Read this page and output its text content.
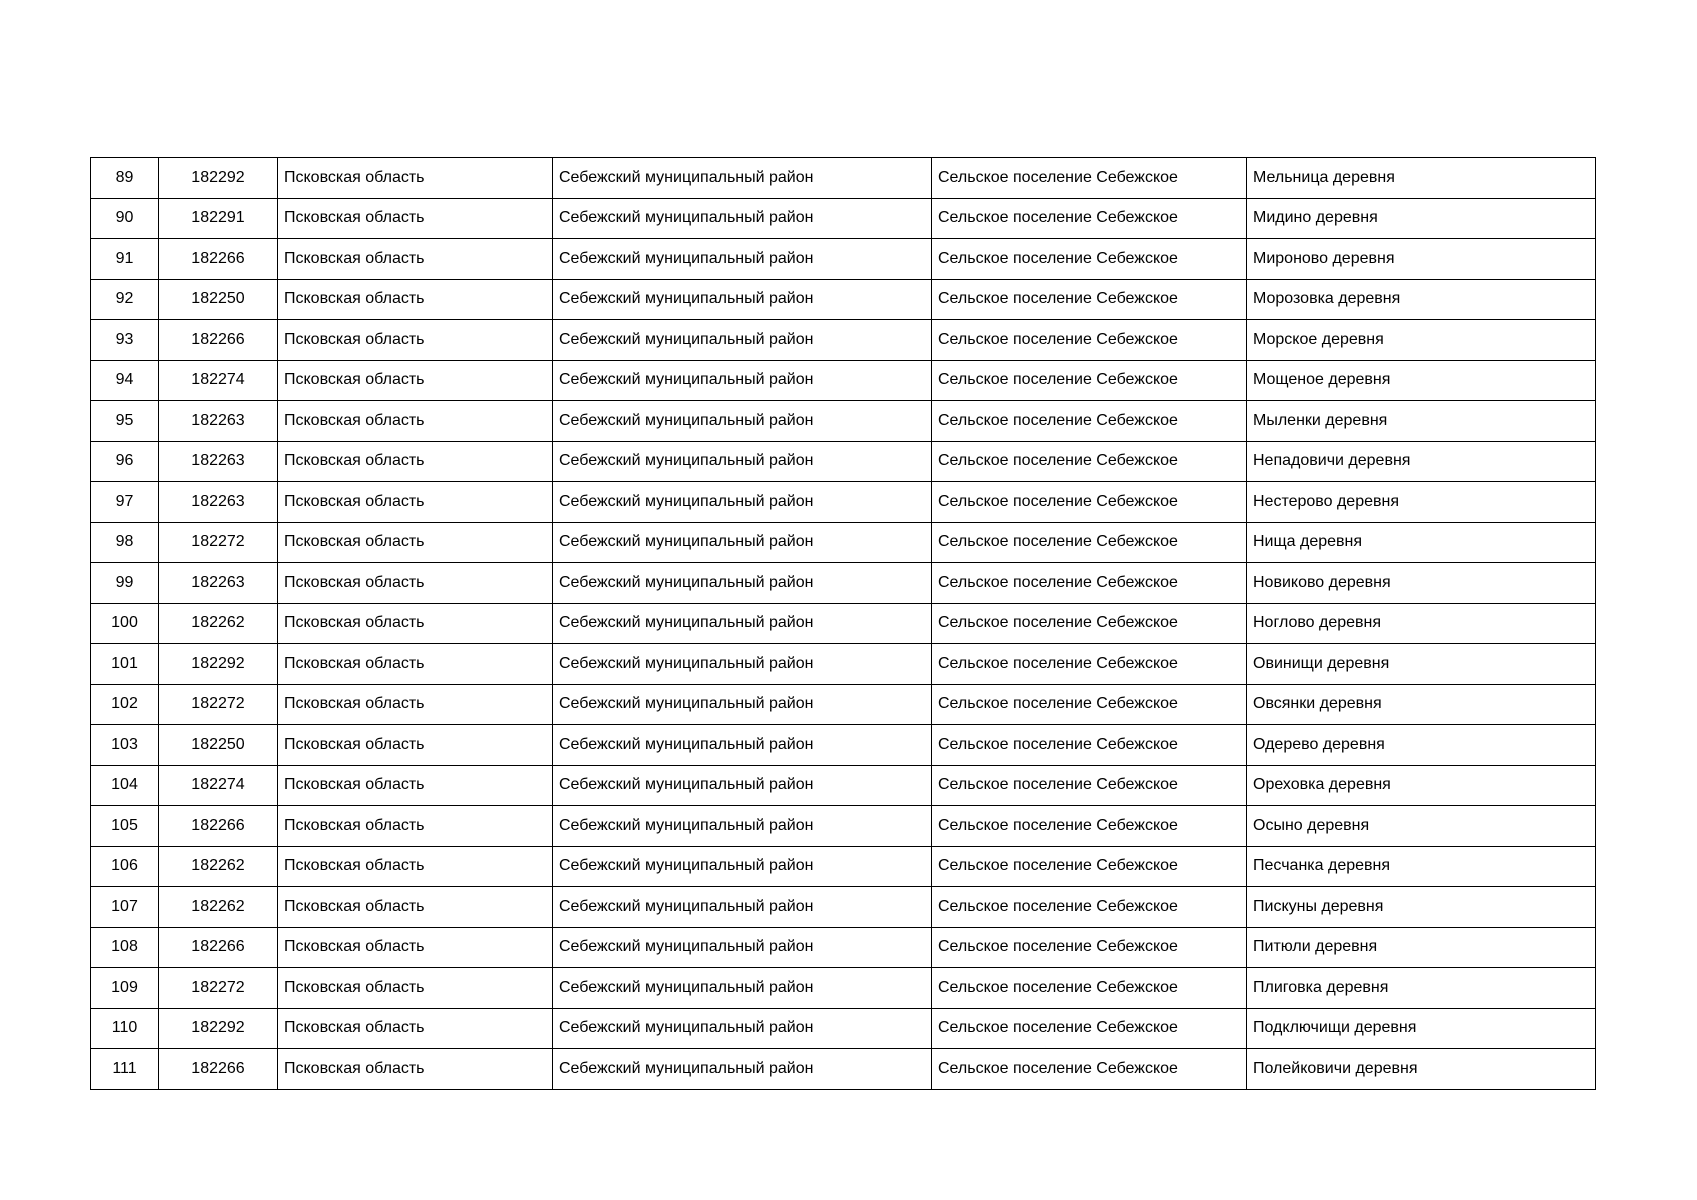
89	182292	Псковская область	Себежский муниципальный район	Сельское поселение Себежское	Мельница деревня
90	182291	Псковская область	Себежский муниципальный район	Сельское поселение Себежское	Мидино деревня
91	182266	Псковская область	Себежский муниципальный район	Сельское поселение Себежское	Мироново деревня
92	182250	Псковская область	Себежский муниципальный район	Сельское поселение Себежское	Морозовка деревня
93	182266	Псковская область	Себежский муниципальный район	Сельское поселение Себежское	Морское деревня
94	182274	Псковская область	Себежский муниципальный район	Сельское поселение Себежское	Мощеное деревня
95	182263	Псковская область	Себежский муниципальный район	Сельское поселение Себежское	Мыленки деревня
96	182263	Псковская область	Себежский муниципальный район	Сельское поселение Себежское	Непадовичи деревня
97	182263	Псковская область	Себежский муниципальный район	Сельское поселение Себежское	Нестерово деревня
98	182272	Псковская область	Себежский муниципальный район	Сельское поселение Себежское	Нища деревня
99	182263	Псковская область	Себежский муниципальный район	Сельское поселение Себежское	Новиково деревня
100	182262	Псковская область	Себежский муниципальный район	Сельское поселение Себежское	Ноглово деревня
101	182292	Псковская область	Себежский муниципальный район	Сельское поселение Себежское	Овинищи деревня
102	182272	Псковская область	Себежский муниципальный район	Сельское поселение Себежское	Овсянки деревня
103	182250	Псковская область	Себежский муниципальный район	Сельское поселение Себежское	Одерево деревня
104	182274	Псковская область	Себежский муниципальный район	Сельское поселение Себежское	Ореховка деревня
105	182266	Псковская область	Себежский муниципальный район	Сельское поселение Себежское	Осыно деревня
106	182262	Псковская область	Себежский муниципальный район	Сельское поселение Себежское	Песчанка деревня
107	182262	Псковская область	Себежский муниципальный район	Сельское поселение Себежское	Пискуны деревня
108	182266	Псковская область	Себежский муниципальный район	Сельское поселение Себежское	Питюли деревня
109	182272	Псковская область	Себежский муниципальный район	Сельское поселение Себежское	Плиговка деревня
110	182292	Псковская область	Себежский муниципальный район	Сельское поселение Себежское	Подключищи деревня
111	182266	Псковская область	Себежский муниципальный район	Сельское поселение Себежское	Полейковичи деревня
